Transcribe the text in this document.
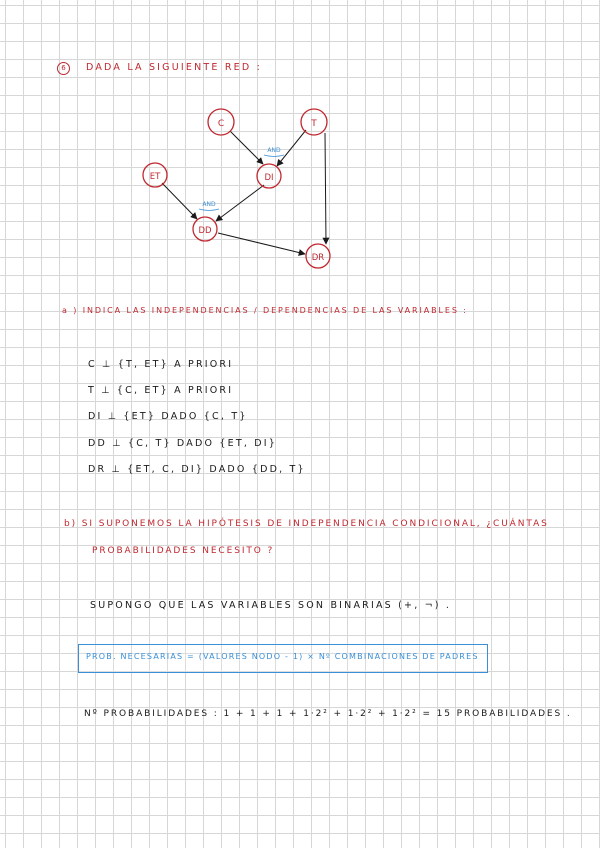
6	DADA LA SIGUIENTE RED :
C	T
ET	DI
DD
DR
AND
AND
a ) INDICA LAS INDEPENDENCIAS / DEPENDENCIAS DE LAS VARIABLES :
C ⊥ {T, ET} A PRIORI
T ⊥ {C, ET} A PRIORI
DI ⊥ {ET} DADO {C, T}
DD ⊥ {C, T} DADO {ET, DI}
DR ⊥ {ET, C, DI} DADO {DD, T}
b) SI SUPONEMOS LA HIPÓTESIS DE INDEPENDENCIA CONDICIONAL, ¿CUÁNTAS
PROBABILIDADES NECESITO ?
SUPONGO QUE LAS VARIABLES SON BINARIAS (+, ¬) .
PROB. NECESARIAS = (VALORES NODO - 1) × Nº COMBINACIONES DE PADRES
Nº PROBABILIDADES : 1 + 1 + 1 + 1·2² + 1·2² + 1·2² = 15 PROBABILIDADES .
